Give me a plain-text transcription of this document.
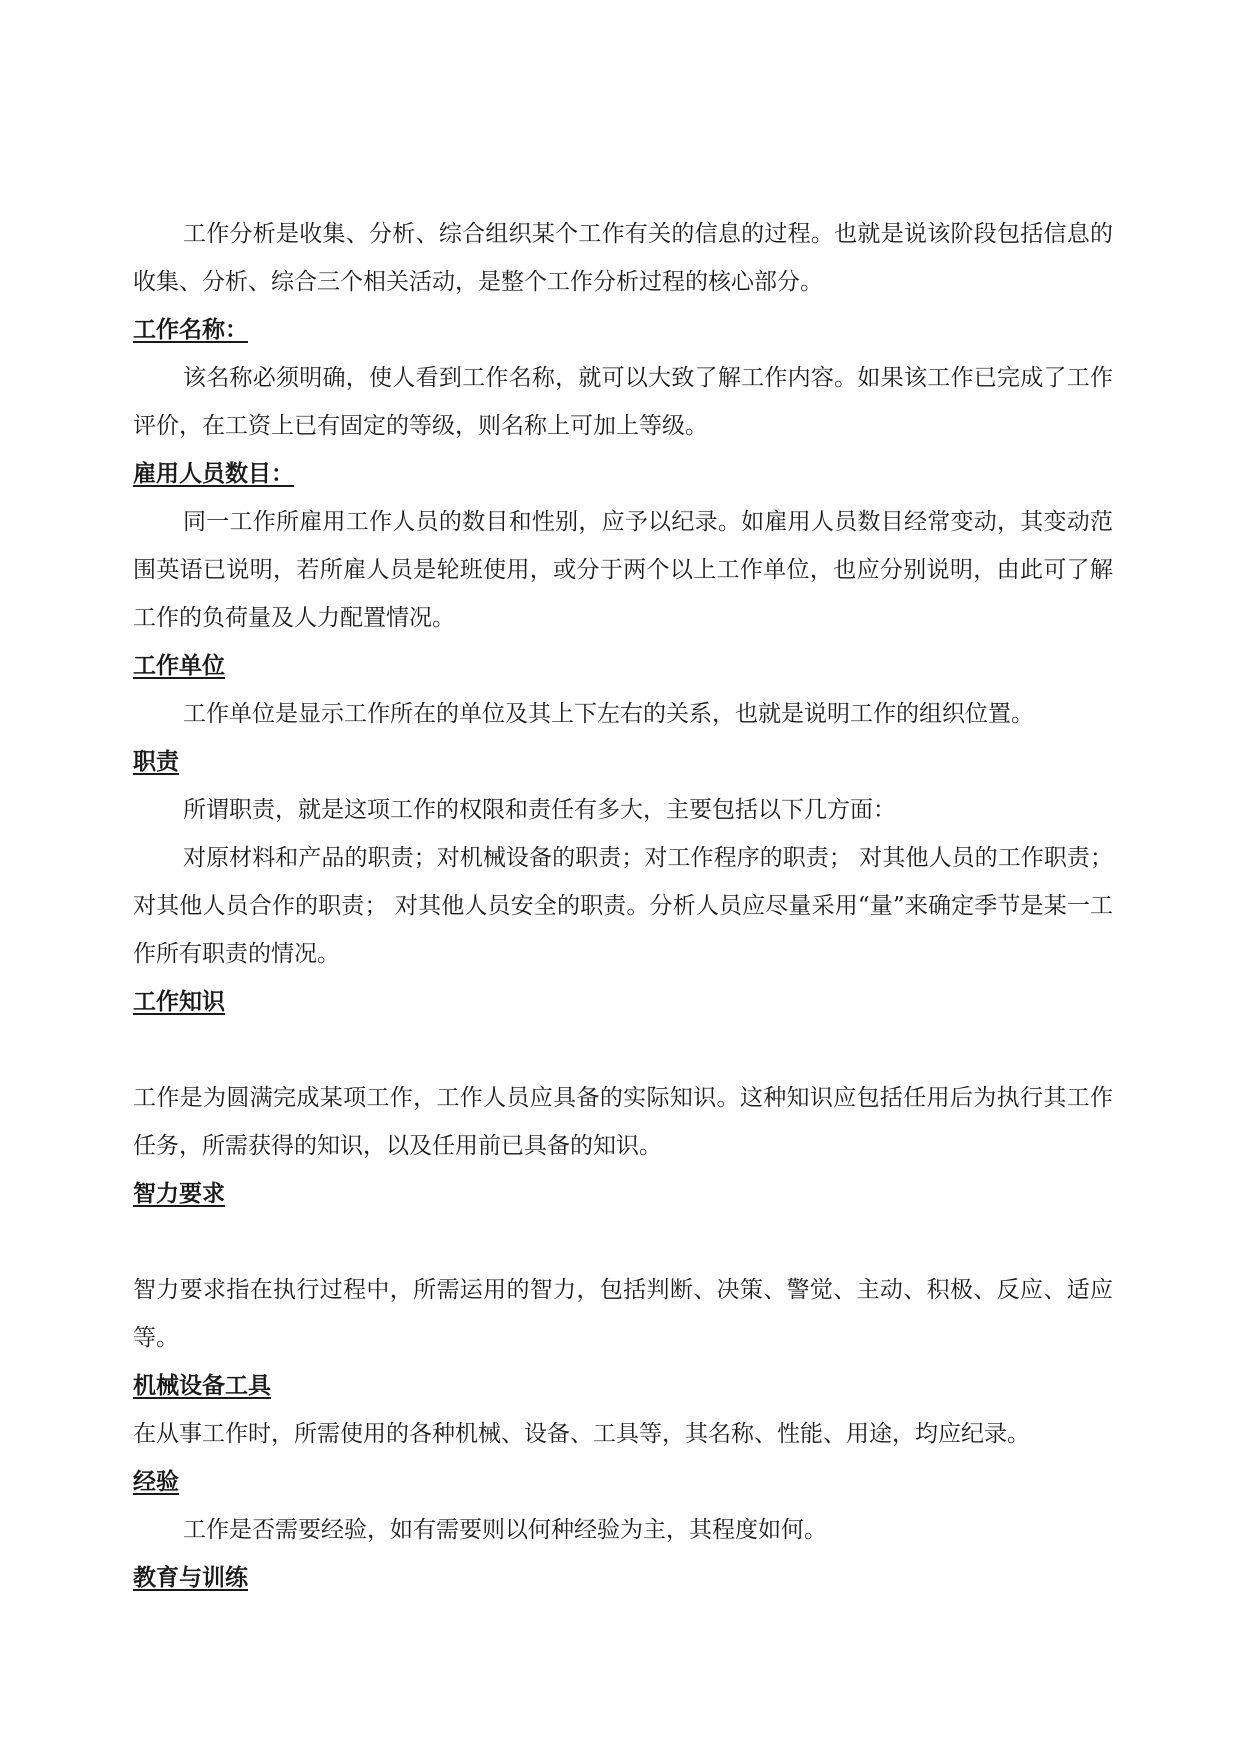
工作分析是收集、分析、综合组织某个工作有关的信息的过程。也就是说该阶段包括信息的收集、分析、综合三个相关活动，是整个工作分析过程的核心部分。

工作名称：

该名称必须明确，使人看到工作名称，就可以大致了解工作内容。如果该工作已完成了工作评价，在工资上已有固定的等级，则名称上可加上等级。

雇用人员数目：

同一工作所雇用工作人员的数目和性别，应予以纪录。如雇用人员数目经常变动，其变动范围英语已说明，若所雇人员是轮班使用，或分于两个以上工作单位，也应分别说明，由此可了解工作的负荷量及人力配置情况。

工作单位

工作单位是显示工作所在的单位及其上下左右的关系，也就是说明工作的组织位置。

职责

所谓职责，就是这项工作的权限和责任有多大，主要包括以下几方面：

对原材料和产品的职责；对机械设备的职责；对工作程序的职责； 对其他人员的工作职责； 对其他人员合作的职责； 对其他人员安全的职责。分析人员应尽量采用“量”来确定季节是某一工作所有职责的情况。

工作知识

工作是为圆满完成某项工作，工作人员应具备的实际知识。这种知识应包括任用后为执行其工作任务，所需获得的知识，以及任用前已具备的知识。

智力要求

智力要求指在执行过程中，所需运用的智力，包括判断、决策、警觉、主动、积极、反应、适应等。

机械设备工具

在从事工作时，所需使用的各种机械、设备、工具等，其名称、性能、用途，均应纪录。

经验

工作是否需要经验，如有需要则以何种经验为主，其程度如何。

教育与训练
